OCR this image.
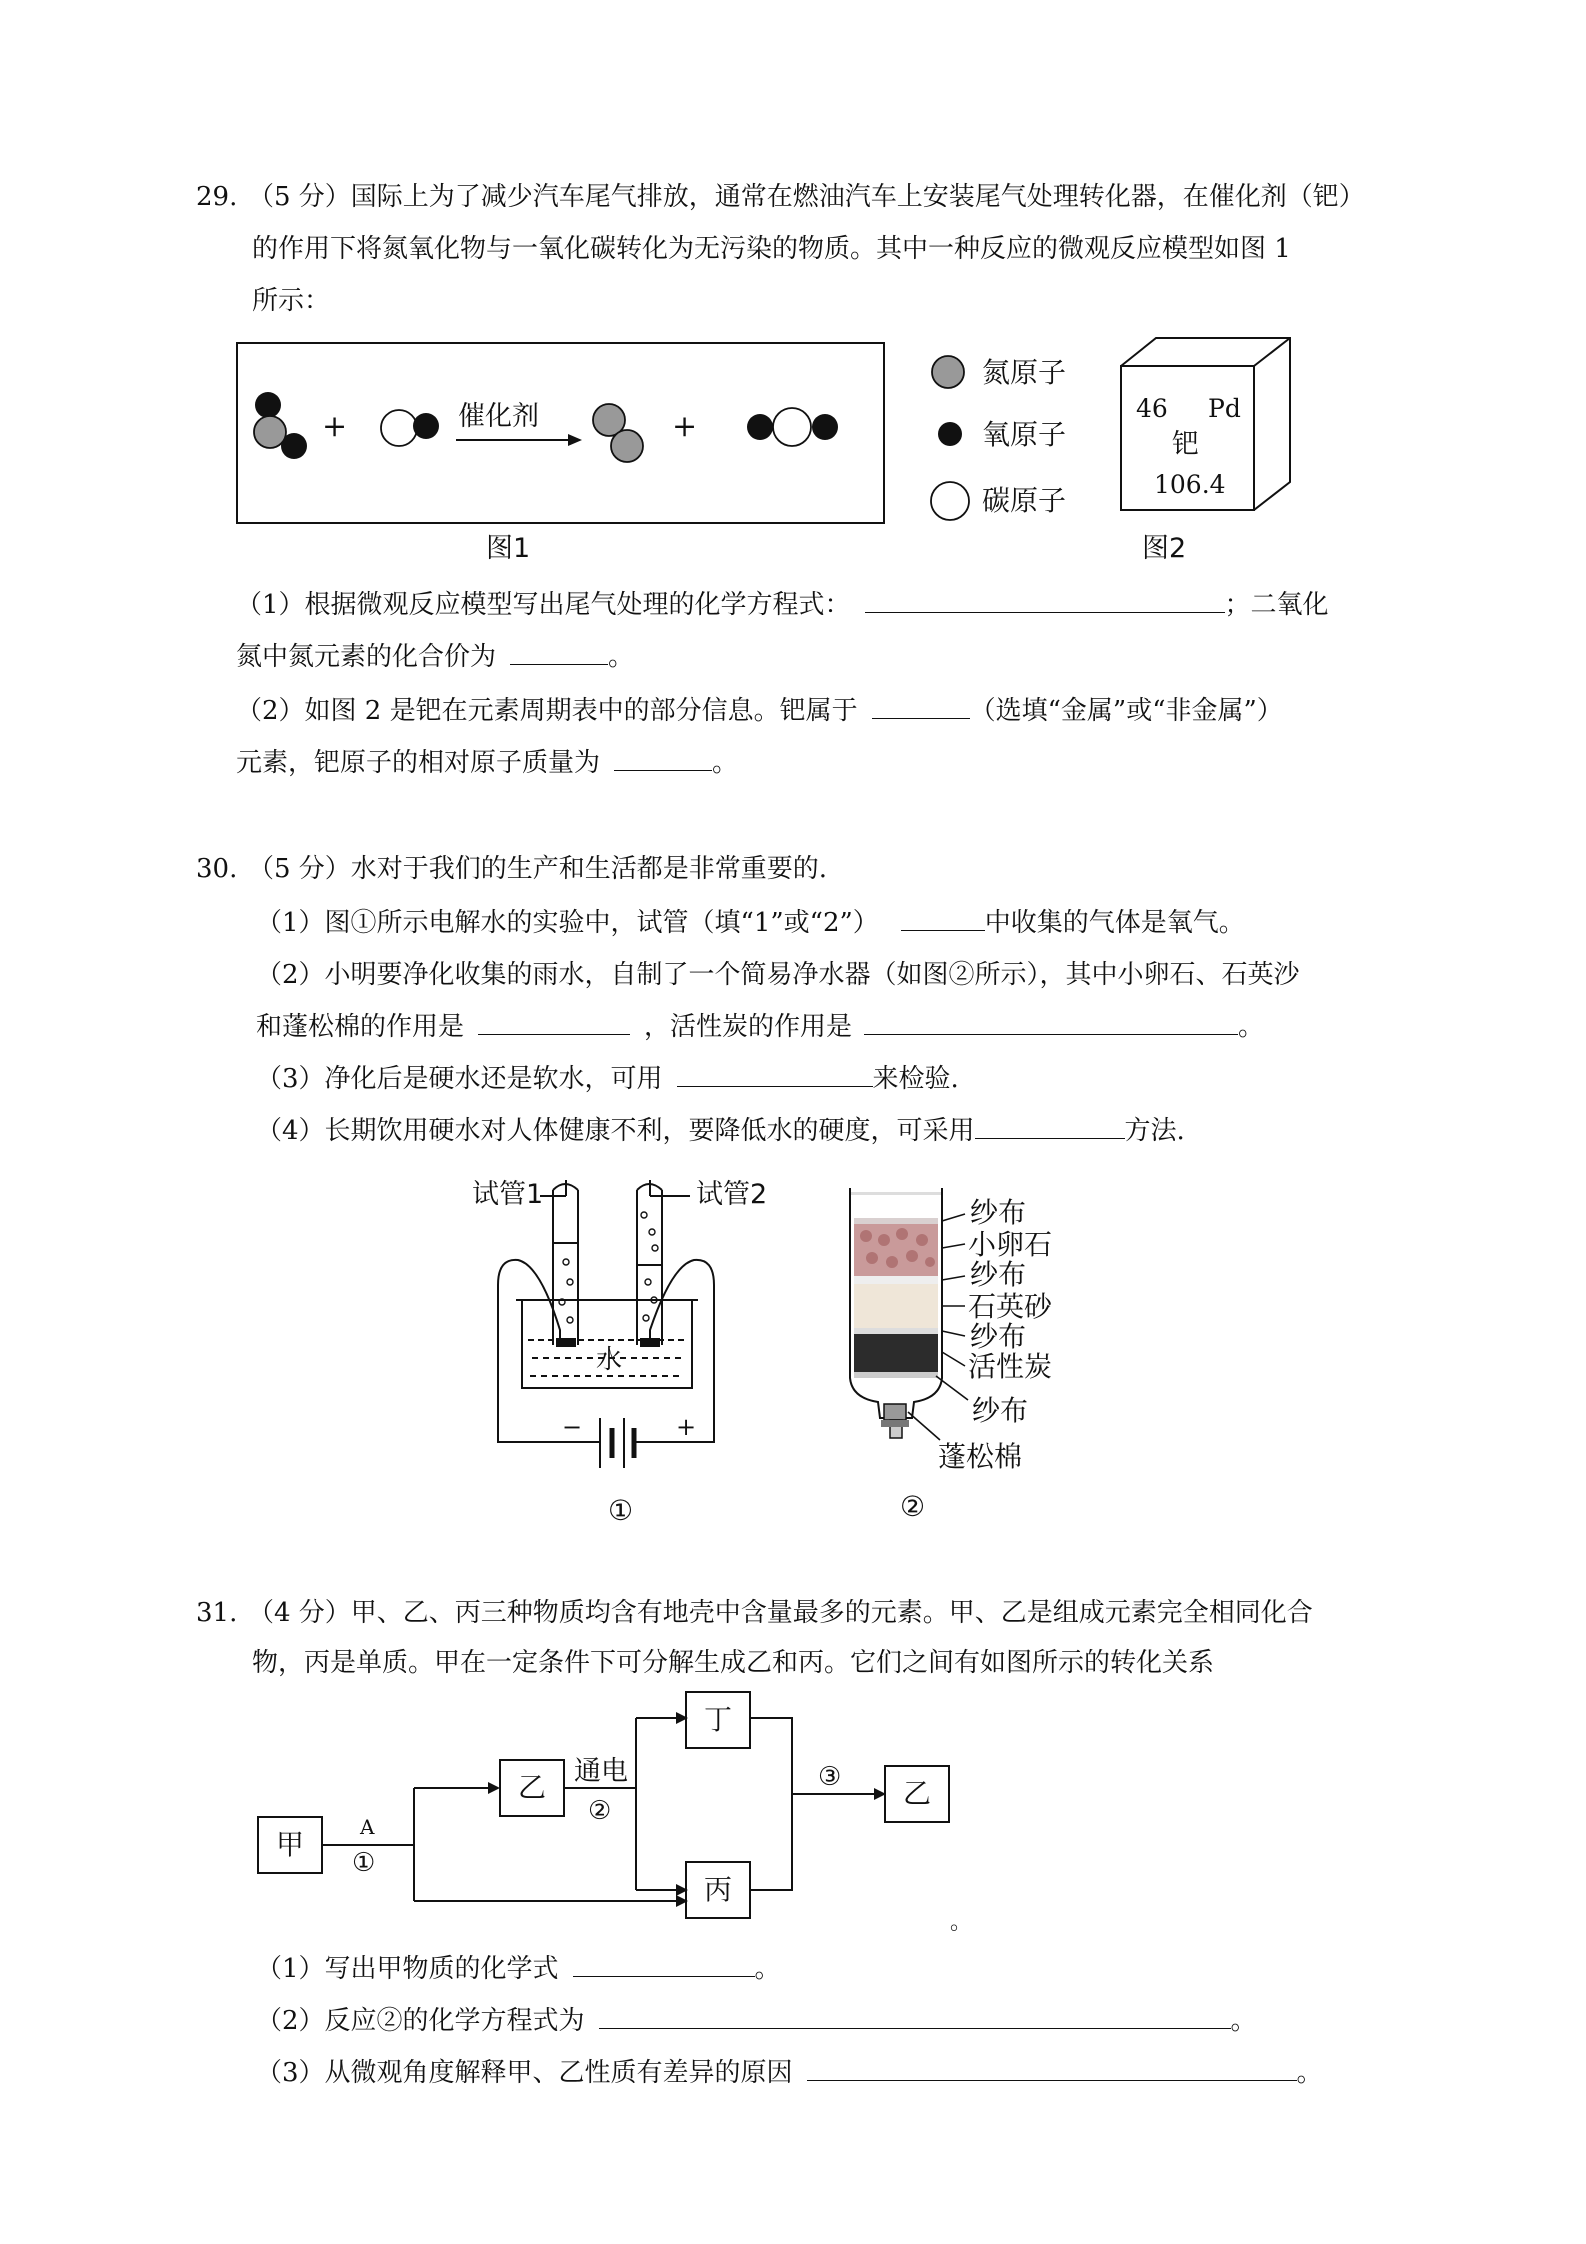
29. （5 分）国际上为了减少汽车尾气排放，通常在燃油汽车上安装尾气处理转化器，在催化剂（钯）
的作用下将氮氧化物与一氧化碳转化为无污染的物质。其中一种反应的微观反应模型如图 1
所示：
+	催化剂	+
图1
氮原子
氧原子
碳原子
46 Pd
钯
106.4
图2
（1）根据微观反应模型写出尾气处理的化学方程式：	；二氧化
氮中氮元素的化合价为	。
（2）如图 2 是钯在元素周期表中的部分信息。钯属于	（选填“金属”或“非金属”）
元素，钯原子的相对原子质量为	。
30. （5 分）水对于我们的生产和生活都是非常重要的.
（1）图①所示电解水的实验中，试管（填“1”或“2”）	中收集的气体是氧气。
（2）小明要净化收集的雨水，自制了一个简易净水器（如图②所示），其中小卵石、石英沙
和蓬松棉的作用是	，活性炭的作用是	。
（3）净化后是硬水还是软水，可用	来检验.
（4）长期饮用硬水对人体健康不利，要降低水的硬度，可采用	方法.
试管1	试管2
水
−	+
①
纱布
小卵石
纱布
石英砂
纱布
活性炭
纱布
蓬松棉
②
31. （4 分）甲、乙、丙三种物质均含有地壳中含量最多的元素。甲、乙是组成元素完全相同化合
物，丙是单质。甲在一定条件下可分解生成乙和丙。它们之间有如图所示的转化关系
甲
乙
丁
丙
乙
A
①
通电
②
③
。
（1）写出甲物质的化学式	。
（2）反应②的化学方程式为	。
（3）从微观角度解释甲、乙性质有差异的原因	。
